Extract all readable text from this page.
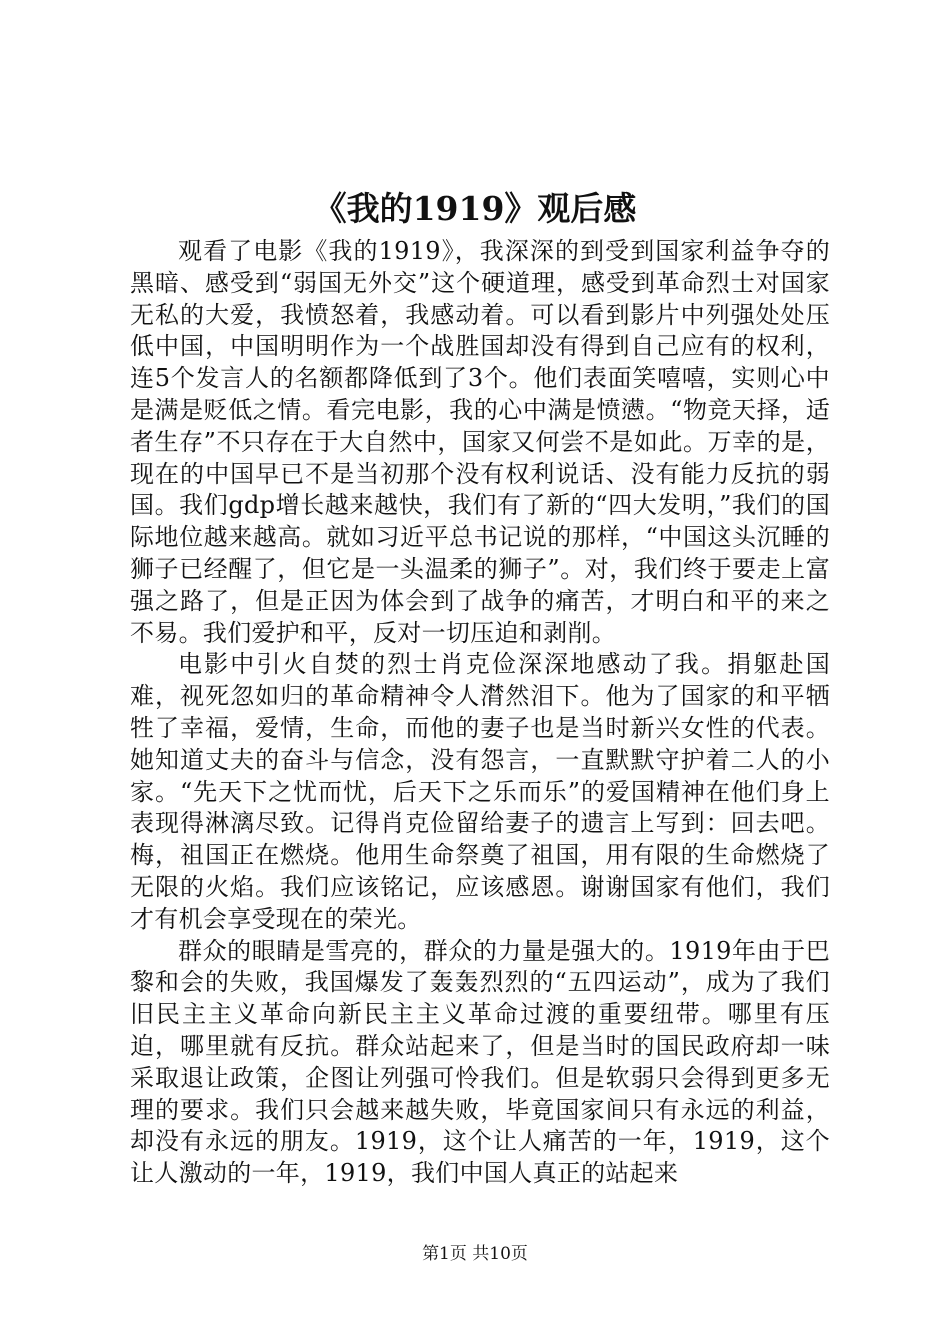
《我的1919》观后感

观看了电影《我的1919》，我深深的到受到国家利益争夺的黑暗、感受到“弱国无外交”这个硬道理，感受到革命烈士对国家无私的大爱，我愤怒着，我感动着。可以看到影片中列强处处压低中国，中国明明作为一个战胜国却没有得到自己应有的权利，连5个发言人的名额都降低到了3个。他们表面笑嘻嘻，实则心中是满是贬低之情。看完电影，我的心中满是愤懑。“物竞天择，适者生存”不只存在于大自然中，国家又何尝不是如此。万幸的是，现在的中国早已不是当初那个没有权利说话、没有能力反抗的弱国。我们gdp增长越来越快，我们有了新的“四大发明，”我们的国际地位越来越高。就如习近平总书记说的那样，“中国这头沉睡的狮子已经醒了，但它是一头温柔的狮子”。对，我们终于要走上富强之路了，但是正因为体会到了战争的痛苦，才明白和平的来之不易。我们爱护和平，反对一切压迫和剥削。

电影中引火自焚的烈士肖克俭深深地感动了我。捐躯赴国难，视死忽如归的革命精神令人潸然泪下。他为了国家的和平牺牲了幸福，爱情，生命，而他的妻子也是当时新兴女性的代表。她知道丈夫的奋斗与信念，没有怨言，一直默默守护着二人的小家。“先天下之忧而忧，后天下之乐而乐”的爱国精神在他们身上表现得淋漓尽致。记得肖克俭留给妻子的遗言上写到：回去吧。梅，祖国正在燃烧。他用生命祭奠了祖国，用有限的生命燃烧了无限的火焰。我们应该铭记，应该感恩。谢谢国家有他们，我们才有机会享受现在的荣光。

群众的眼睛是雪亮的，群众的力量是强大的。1919年由于巴黎和会的失败，我国爆发了轰轰烈烈的“五四运动”，成为了我们旧民主主义革命向新民主主义革命过渡的重要纽带。哪里有压迫，哪里就有反抗。群众站起来了，但是当时的国民政府却一味采取退让政策，企图让列强可怜我们。但是软弱只会得到更多无理的要求。我们只会越来越失败，毕竟国家间只有永远的利益，却没有永远的朋友。1919，这个让人痛苦的一年，1919，这个让人激动的一年，1919，我们中国人真正的站起来

第1页 共10页
